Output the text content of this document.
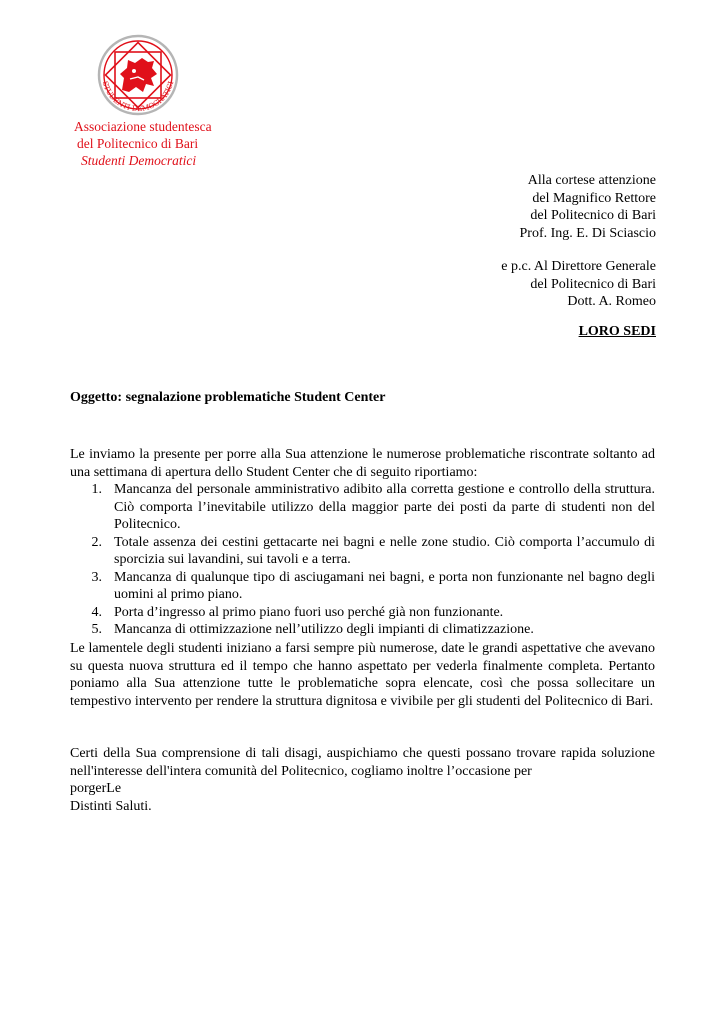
STUDENTI DEMOCRATICI
Associazione studentesca
del Politecnico di Bari
Studenti Democratici
Alla cortese attenzione
del Magnifico Rettore
del Politecnico di Bari
Prof. Ing. E. Di Sciascio
e p.c. Al Direttore Generale
del Politecnico di Bari
Dott. A. Romeo
LORO SEDI
Oggetto: segnalazione problematiche Student Center
Le inviamo la presente per porre alla Sua attenzione le numerose problematiche riscontrate soltanto ad una settimana di apertura dello Student Center che di seguito riportiamo:
1. Mancanza del personale amministrativo adibito alla corretta gestione e controllo della struttura. Ciò comporta l’inevitabile utilizzo della maggior parte dei posti da parte di studenti non del Politecnico.
2. Totale assenza dei cestini gettacarte nei bagni e nelle zone studio. Ciò comporta l’accumulo di sporcizia sui lavandini, sui tavoli e a terra.
3. Mancanza di qualunque tipo di asciugamani nei bagni, e porta non funzionante nel bagno degli uomini al primo piano.
4. Porta d’ingresso al primo piano fuori uso perché già non funzionante.
5. Mancanza di ottimizzazione nell’utilizzo degli impianti di climatizzazione.
Le lamentele degli studenti iniziano a farsi sempre più numerose, date le grandi aspettative che avevano su questa nuova struttura ed il tempo che hanno aspettato per vederla finalmente completa. Pertanto poniamo alla Sua attenzione tutte le problematiche sopra elencate, così che possa sollecitare un tempestivo intervento per rendere la struttura dignitosa e vivibile per gli studenti del Politecnico di Bari.
Certi della Sua comprensione di tali disagi, auspichiamo che questi possano trovare rapida soluzione nell'interesse dell'intera comunità del Politecnico, cogliamo inoltre l’occasione per
porgerLe
Distinti Saluti.
